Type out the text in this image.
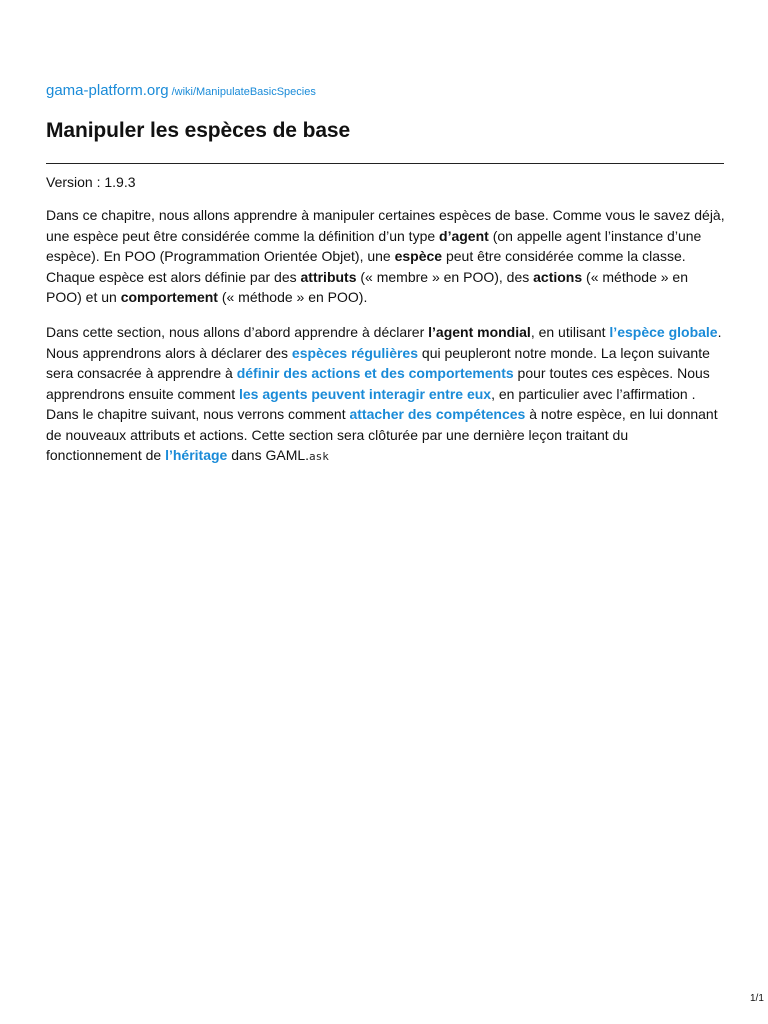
gama-platform.org /wiki/ManipulateBasicSpecies
Manipuler les espèces de base
Version : 1.9.3

Dans ce chapitre, nous allons apprendre à manipuler certaines espèces de base. Comme vous le savez déjà, une espèce peut être considérée comme la définition d’un type d’agent (on appelle agent l’instance d’une espèce). En POO (Programmation Orientée Objet), une espèce peut être considérée comme la classe. Chaque espèce est alors définie par des attributs (« membre » en POO), des actions (« méthode » en POO) et un comportement (« méthode » en POO).

Dans cette section, nous allons d’abord apprendre à déclarer l’agent mondial, en utilisant l’espèce globale. Nous apprendrons alors à déclarer des espèces régulières qui peupleront notre monde. La leçon suivante sera consacrée à apprendre à définir des actions et des comportements pour toutes ces espèces. Nous apprendrons ensuite comment les agents peuvent interagir entre eux, en particulier avec l’affirmation . Dans le chapitre suivant, nous verrons comment attacher des compétences à notre espèce, en lui donnant de nouveaux attributs et actions. Cette section sera clôturée par une dernière leçon traitant du fonctionnement de l’héritage dans GAML.ask

1/1
